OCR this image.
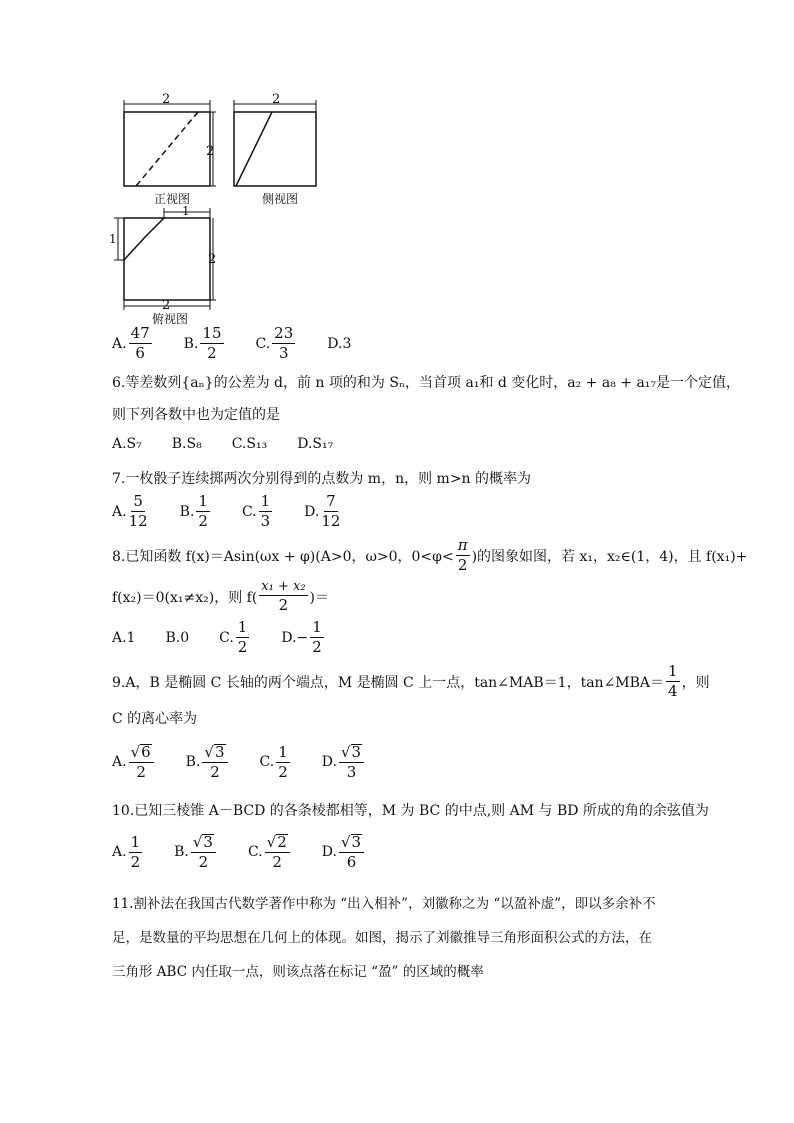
2
2
2
正视图	侧视图
1
1
2
2
俯视图
A. $\frac{47}{6} B$. $\frac{15}{2} C$. $\frac{23}{3} D.3$
6.等差数列{aₙ}的公差为 d，前 n 项的和为 Sₙ，当首项 a₁和 d 变化时，a₂ + a₈ + a₁₇是一个定值，
则下列各数中也为定值的是
A.S₇ B.S₈ C.S₁₃ D.S₁₇
7.一枚骰子连续掷两次分别得到的点数为 m，n，则 m>n 的概率为
A. $\frac{5}{12} B$. $\frac{1}{2} C$. $\frac{1}{3} D$. $\frac{7}{12}$
8.已知函数 f(x)＝Asin(ωx + φ)(A>0，ω>0，$0<\varphi< \frac{\pi}{2}$ )的图象如图，若 x₁，x₂∈(1，4)，且 f(x₁)+
f(x₂)＝0(x₁≠x₂)，则 $f( \frac{\text{x₁ + x₂}}{2}$ )＝
A.1 B.0 C. $\frac{1}{2} D.- \frac{1}{2}$
9.A，B 是椭圆 C 长轴的两个端点，M 是椭圆 C 上一点，tan∠MAB＝1，tan∠MBA＝ $\frac{1}{4}$ ，则
C 的离心率为
A. $\frac{√6}{2} B$. $\frac{√3}{2} C$. $\frac{1}{2} D$. $\frac{√3}{3}$
10.已知三棱锥 A－BCD 的各条棱都相等，M 为 BC 的中点,则 AM 与 BD 所成的角的余弦值为
A. $\frac{1}{2} B$. $\frac{√3}{2} C$. $\frac{√2}{2} D$. $\frac{√3}{6}$
11.割补法在我国古代数学著作中称为 “出入相补”，刘徽称之为 “以盈补虚”，即以多余补不
足，是数量的平均思想在几何上的体现。如图，揭示了刘徽推导三角形面积公式的方法，在
三角形 ABC 内任取一点，则该点落在标记 “盈” 的区域的概率
